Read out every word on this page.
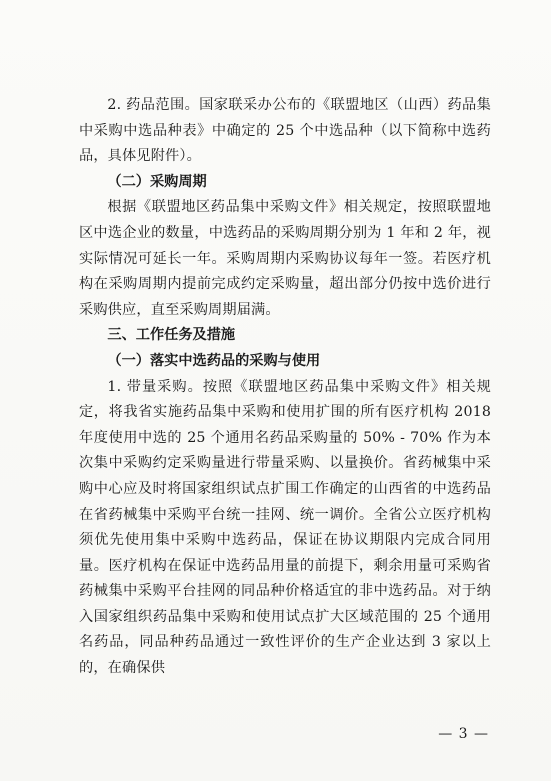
2. 药品范围。国家联采办公布的《联盟地区（山西）药品集中采购中选品种表》中确定的 25 个中选品种（以下简称中选药品，具体见附件）。

（二）采购周期

根据《联盟地区药品集中采购文件》相关规定，按照联盟地区中选企业的数量，中选药品的采购周期分别为 1 年和 2 年，视实际情况可延长一年。采购周期内采购协议每年一签。若医疗机构在采购周期内提前完成约定采购量，超出部分仍按中选价进行采购供应，直至采购周期届满。

三、工作任务及措施

（一）落实中选药品的采购与使用

1. 带量采购。按照《联盟地区药品集中采购文件》相关规定，将我省实施药品集中采购和使用扩围的所有医疗机构 2018 年度使用中选的 25 个通用名药品采购量的 50% - 70% 作为本次集中采购约定采购量进行带量采购、以量换价。省药械集中采购中心应及时将国家组织试点扩围工作确定的山西省的中选药品在省药械集中采购平台统一挂网、统一调价。全省公立医疗机构须优先使用集中采购中选药品，保证在协议期限内完成合同用量。医疗机构在保证中选药品用量的前提下，剩余用量可采购省药械集中采购平台挂网的同品种价格适宜的非中选药品。对于纳入国家组织药品集中采购和使用试点扩大区域范围的 25 个通用名药品，同品种药品通过一致性评价的生产企业达到 3 家以上的，在确保供

— 3 —
